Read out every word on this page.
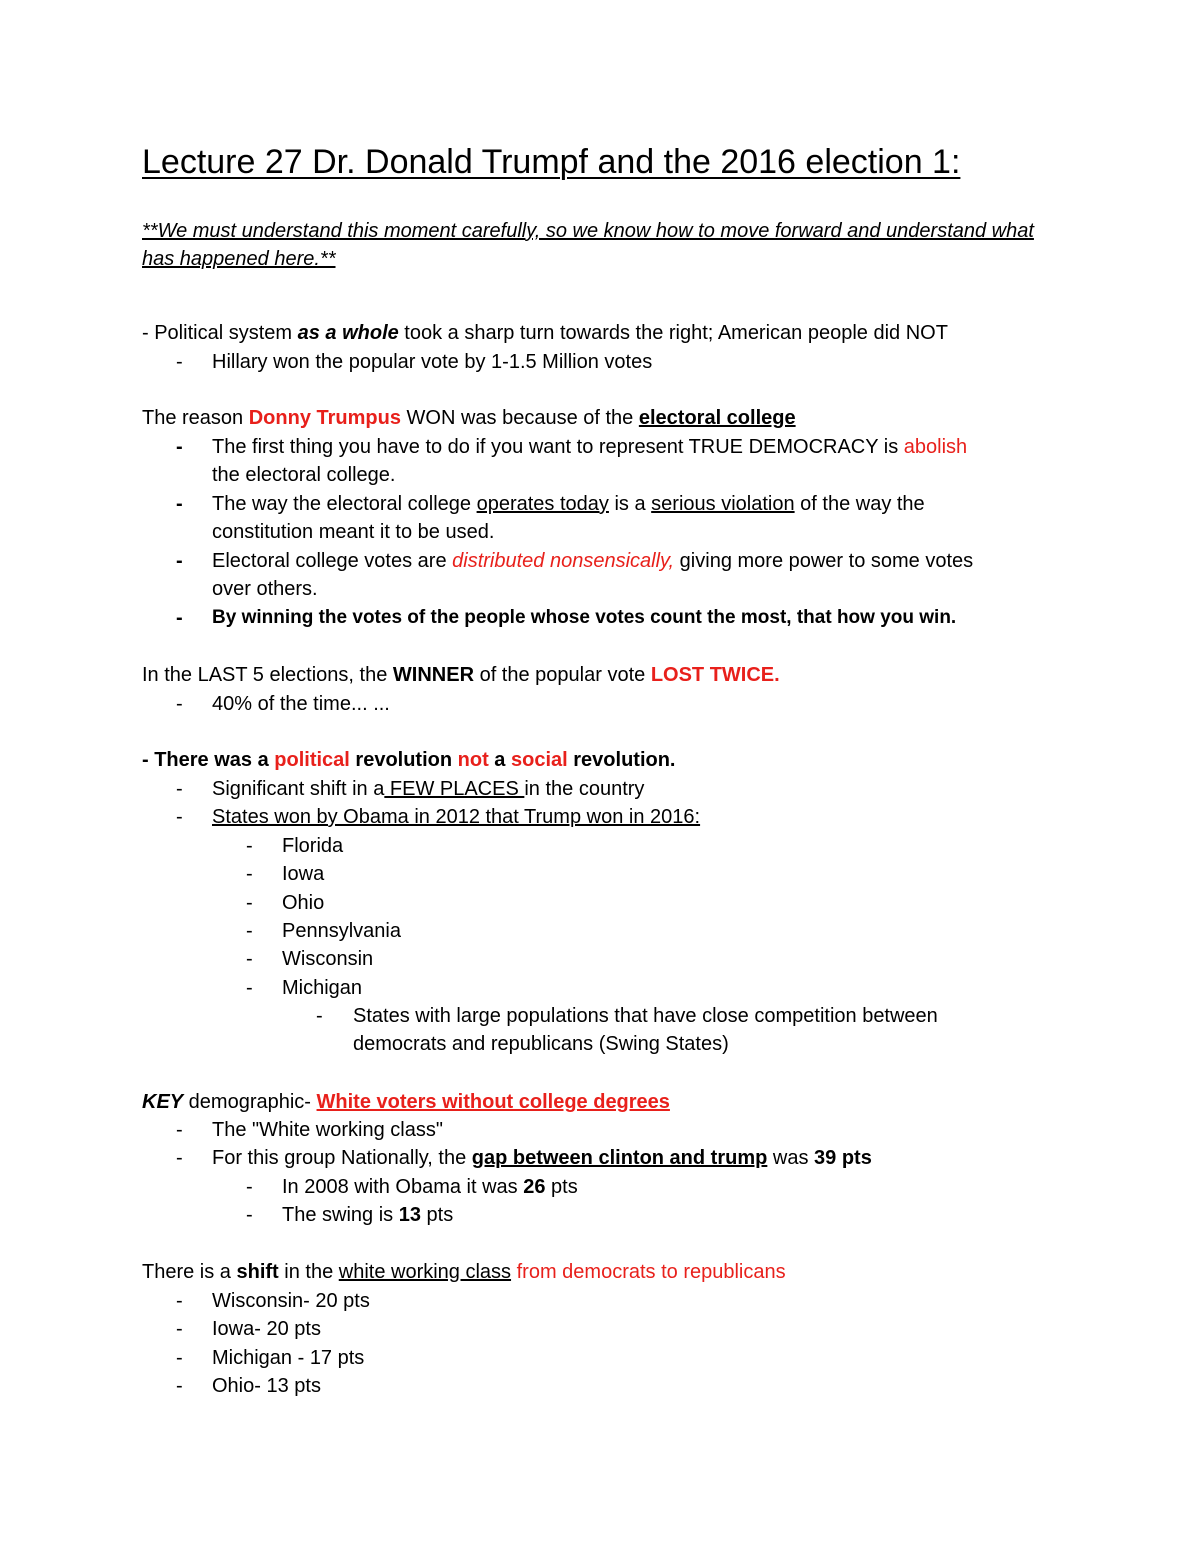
Lecture 27 Dr. Donald Trumpf and the 2016 election 1:

**We must understand this moment carefully, so we know how to move forward and understand what has happened here.**

- Political system as a whole took a sharp turn towards the right; American people did NOT
- Hillary won the popular vote by 1-1.5 Million votes
The reason Donny Trumpus WON was because of the electoral college
- The first thing you have to do if you want to represent TRUE DEMOCRACY is abolish
the electoral college.
- The way the electoral college operates today is a serious violation of the way the
constitution meant it to be used.
- Electoral college votes are distributed nonsensically, giving more power to some votes
over others.
- By winning the votes of the people whose votes count the most, that how you win.
In the LAST 5 elections, the WINNER of the popular vote LOST TWICE.
- 40% of the time... ...
- There was a political revolution not a social revolution.
- Significant shift in a FEW PLACES in the country
- States won by Obama in 2012 that Trump won in 2016:
- Florida
- Iowa
- Ohio
- Pennsylvania
- Wisconsin
- Michigan
- States with large populations that have close competition between
democrats and republicans (Swing States)
KEY demographic- White voters without college degrees
- The "White working class"
- For this group Nationally, the gap between clinton and trump was 39 pts
- In 2008 with Obama it was 26 pts
- The swing is 13 pts
There is a shift in the white working class from democrats to republicans
- Wisconsin- 20 pts
- Iowa- 20 pts
- Michigan - 17 pts
- Ohio- 13 pts
